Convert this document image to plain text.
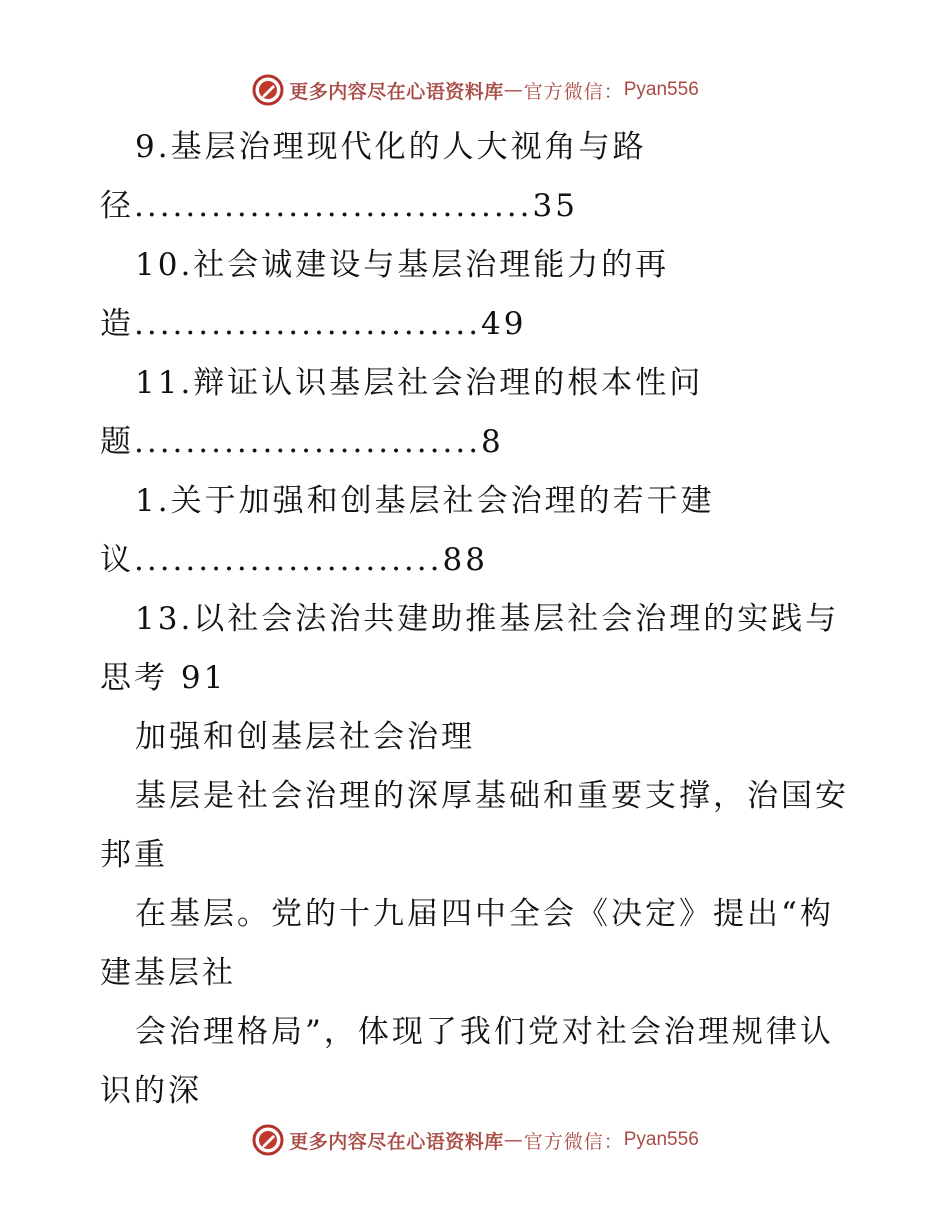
更多内容尽在心语资料库 — 官方微信： Pyan556
9.基层治理现代化的人大视角与路
径...............................35
10.社会诚建设与基层治理能力的再
造...........................49
11.辩证认识基层社会治理的根本性问
题...........................8
1.关于加强和创基层社会治理的若干建
议........................88
13.以社会法治共建助推基层社会治理的实践与
思考 91
加强和创基层社会治理
基层是社会治理的深厚基础和重要支撑，治国安
邦重
在基层。党的十九届四中全会《决定》提出“构
建基层社
会治理格局”，体现了我们党对社会治理规律认
识的深
更多内容尽在心语资料库 — 官方微信： Pyan556
